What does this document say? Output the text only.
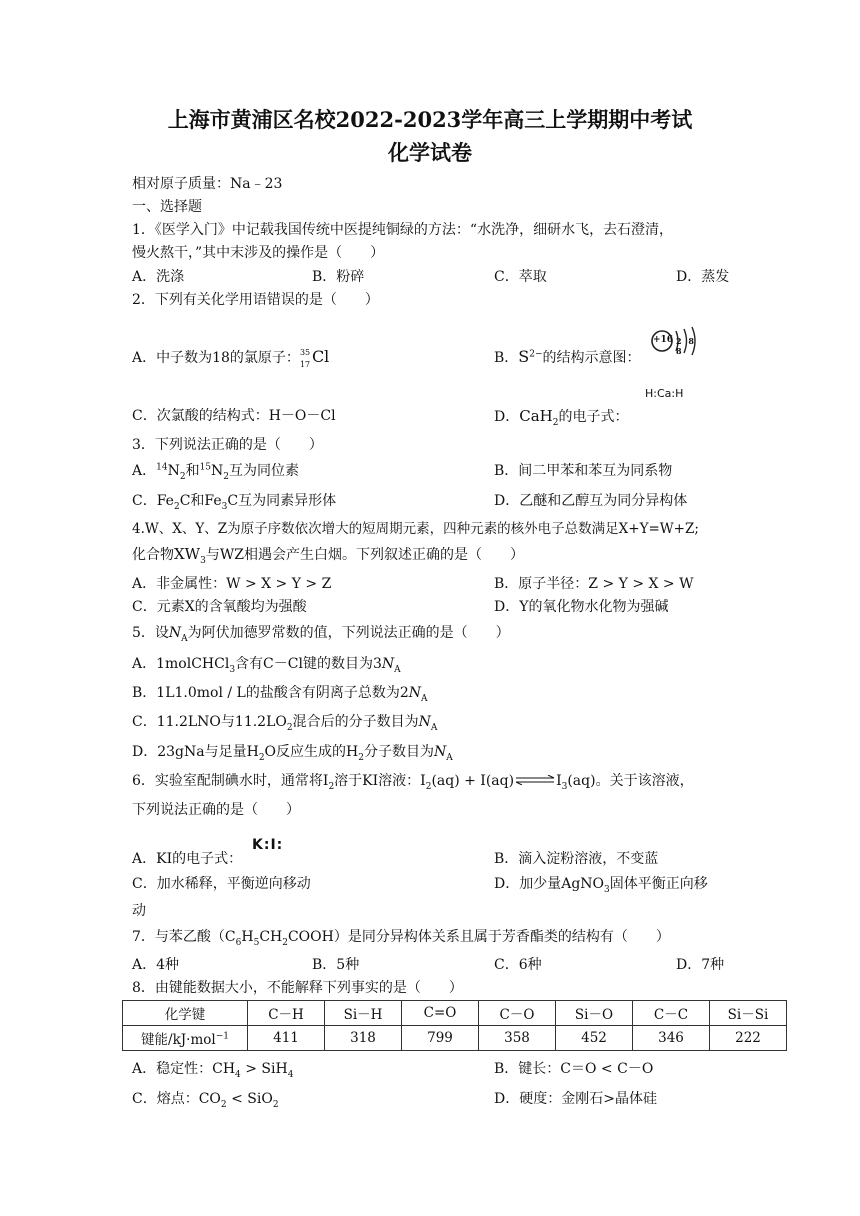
上海市黄浦区名校2022-2023学年高三上学期期中考试
化学试卷
相对原子质量：Na﹣23
一、选择题
1．《医学入门》中记载我国传统中医提纯铜绿的方法：“水洗净，细研水飞，去石澄清，
慢火熬干，”其中末涉及的操作是（　　）
A．洗涤	B．粉碎	C．萃取	D．蒸发
2．下列有关化学用语错误的是（　　）
A．中子数为18的氯原子： 35
17 Cl	B．$S^{2-}$的结构示意图：
+16 2 8 8
C．次氯酸的结构式：H－O－Cl	D．CaH$_2$的电子式：
H:Ca:H
3．下列说法正确的是（　　）
A．$^{14}N_2$和$^{15}N_2$互为同位素	B．间二甲苯和苯互为同系物
C．$Fe_2C$和$Fe_3C$互为同素异形体	D．乙醚和乙醇互为同分异构体
4.W、X、Y、Z为原子序数依次增大的短周期元素，四种元素的核外电子总数满足X+Y=W+Z;
化合物$XW_3$与WZ相遇会产生白烟。下列叙述正确的是（　　）
A．非金属性：W > X > Y > Z	B．原子半径：Z > Y > X > W
C．元素X的含氧酸均为强酸	D．Y的氧化物水化物为强碱
5．设$N_A$为阿伏加德罗常数的值，下列说法正确的是（　　）
A．1molCHCl$_3$含有C－Cl键的数目为$3N_A$
B．1L1.0mol / L的盐酸含有阴离子总数为$2N_A$
C．11.2LNO与$11.2LO_2$混合后的分子数目为$N_A$
D．23gNa与足量$H_2O$反应生成的$H_2$分子数目为$N_A$
6．实验室配制碘水时，通常将$I_2$溶于KI溶液：$I_2(aq)$ + $I(aq)\rightleftharpoons I_3(aq)$。关于该溶液，
下列说法正确的是（　　）
A．KI的电子式：
K:I:
B．滴入淀粉溶液，不变蓝
C．加水稀释，平衡逆向移动	D．加少量AgNO$_3$固体平衡正向移
动
7．与苯乙酸$(C_6H_5CH_2COOH)$是同分异构体关系且属于芳香酯类的结构有（　　）
A．4种	B．5种	C．6种	D．7种
8．由键能数据大小，不能解释下列事实的是（　　）
化学键	C－H	Si－H	C=O	C－O	Si－O	C－C	Si－Si
键能/kJ·mol$^{-1}$	411	318	799	358	452	346	222
A．稳定性：$CH_4 > SiH_4$	B．键长：C＝O < C－O
C．熔点：$CO_2 < SiO_2$	D．硬度：金刚石>晶体硅
